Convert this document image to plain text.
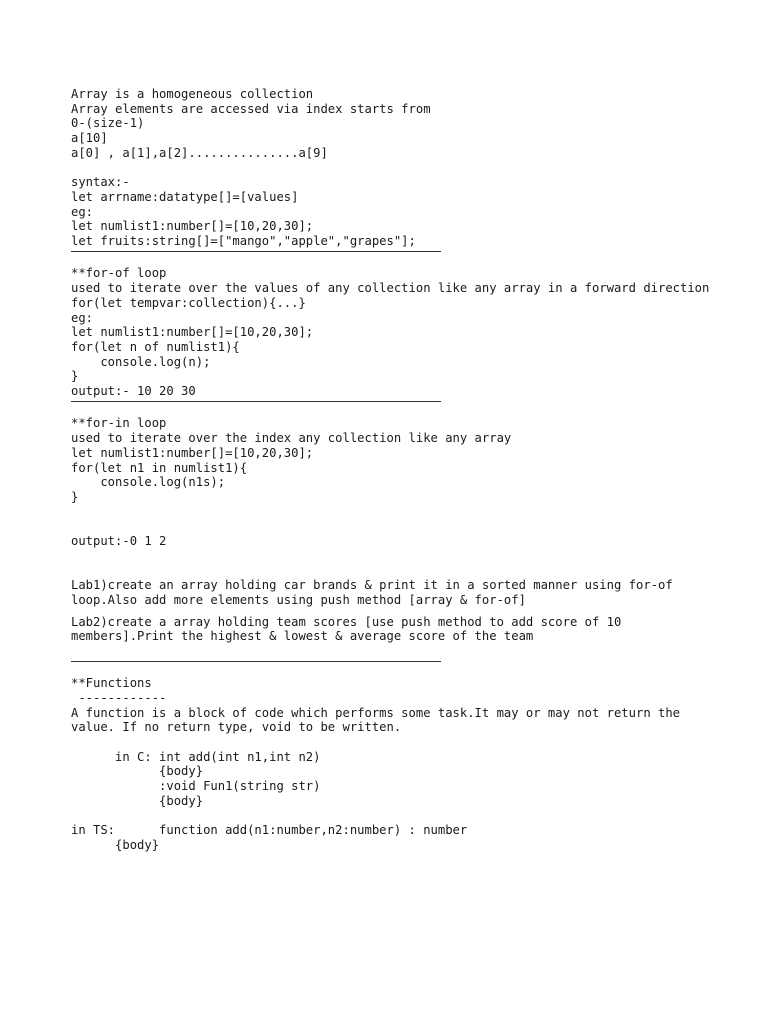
Array is a homogeneous collection
Array elements are accessed via index starts from
0-(size-1)
a[10]
a[0] , a[1],a[2]...............a[9]
syntax:-
let arrname:datatype[]=[values]
eg:
let numlist1:number[]=[10,20,30];
let fruits:string[]=["mango","apple","grapes"];
**for-of loop
used to iterate over the values of any collection like any array in a forward direction
for(let tempvar:collection){...}
eg:
let numlist1:number[]=[10,20,30];
for(let n of numlist1){
console.log(n);
}
output:- 10 20 30
**for-in loop
used to iterate over the index any collection like any array
let numlist1:number[]=[10,20,30];
for(let n1 in numlist1){
console.log(n1s);
}
output:-0 1 2
Lab1)create an array holding car brands & print it in a sorted manner using for-of loop.Also add more elements using push method [array & for-of]
Lab2)create a array holding team scores [use push method to add score of 10 members].Print the highest & lowest & average score of the team
**Functions
------------
A function is a block of code which performs some task.It may or may not return the value. If no return type, void to be written.
in C: int add(int n1,int n2)
{body}
:void Fun1(string str)
{body}
in TS:      function add(n1:number,n2:number) : number
{body}
